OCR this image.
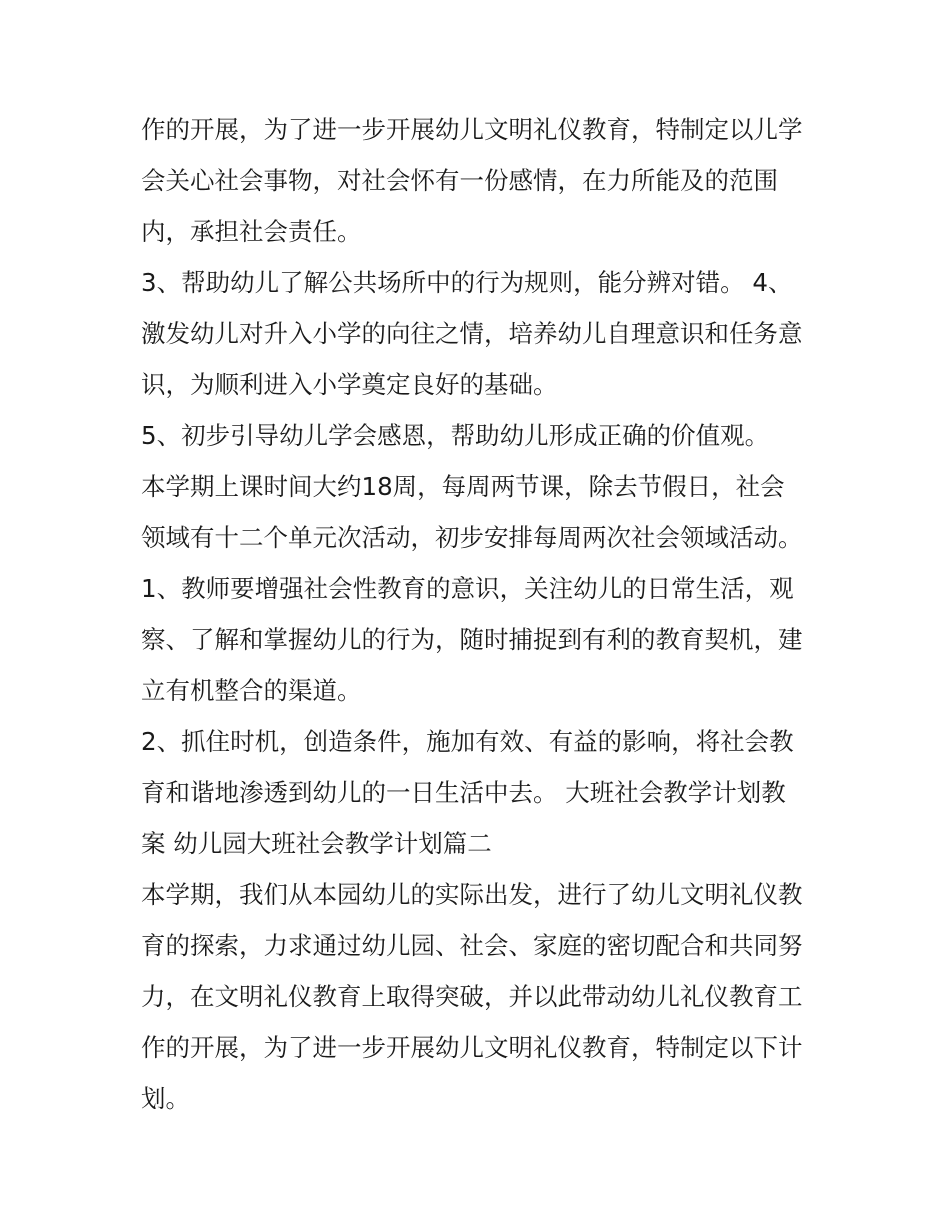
作的开展，为了进一步开展幼儿文明礼仪教育，特制定以儿学
会关心社会事物，对社会怀有一份感情，在力所能及的范围
内，承担社会责任。
3、帮助幼儿了解公共场所中的行为规则，能分辨对错。 4、
激发幼儿对升入小学的向往之情，培养幼儿自理意识和任务意
识，为顺利进入小学奠定良好的基础。
5、初步引导幼儿学会感恩，帮助幼儿形成正确的价值观。
本学期上课时间大约18周，每周两节课，除去节假日，社会
领域有十二个单元次活动，初步安排每周两次社会领域活动。
1、教师要增强社会性教育的意识，关注幼儿的日常生活，观
察、了解和掌握幼儿的行为，随时捕捉到有利的教育契机，建
立有机整合的渠道。
2、抓住时机，创造条件，施加有效、有益的影响，将社会教
育和谐地渗透到幼儿的一日生活中去。 大班社会教学计划教
案 幼儿园大班社会教学计划篇二
本学期，我们从本园幼儿的实际出发，进行了幼儿文明礼仪教
育的探索，力求通过幼儿园、社会、家庭的密切配合和共同努
力，在文明礼仪教育上取得突破，并以此带动幼儿礼仪教育工
作的开展，为了进一步开展幼儿文明礼仪教育，特制定以下计
划。
